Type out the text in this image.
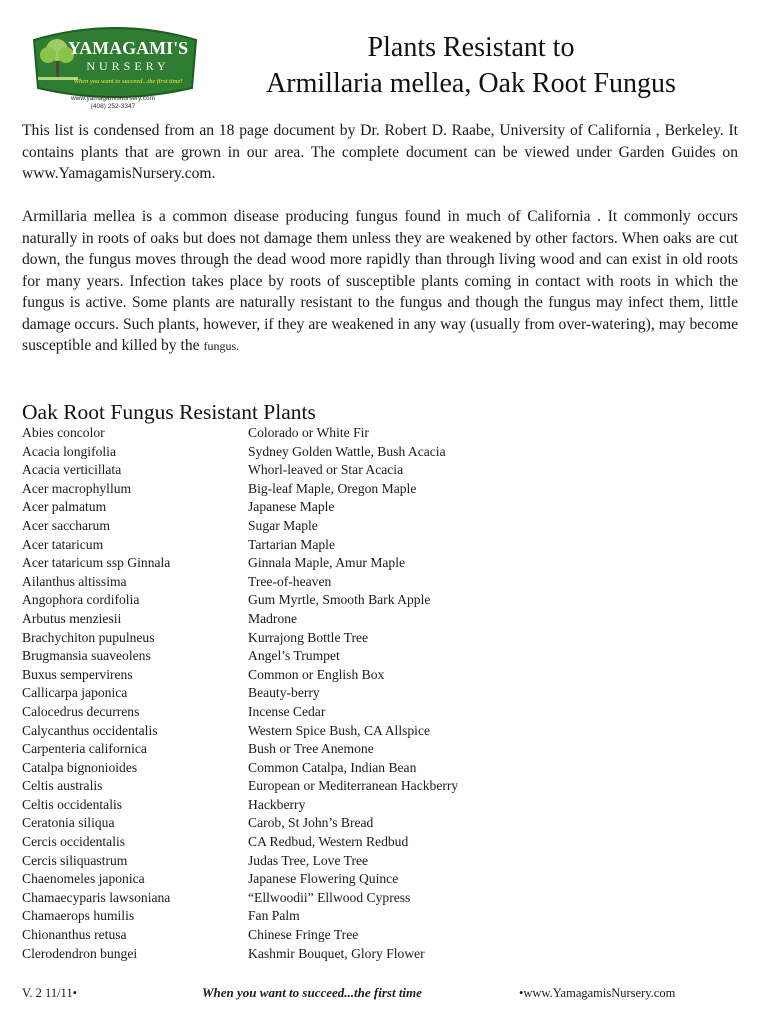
YAMAGAMI'S
NURSERY
When you want to succeed...the first time!
www.yamagamisnursery.com
(408) 252-3347
Plants Resistant to
Armillaria mellea, Oak Root Fungus
This list is condensed from an 18 page document by Dr. Robert D. Raabe, University of California , Berkeley. It contains plants that are grown in our area. The complete document can be viewed under Garden Guides on www.YamagamisNursery.com.
Armillaria mellea is a common disease producing fungus found in much of California . It commonly occurs naturally in roots of oaks but does not damage them unless they are weakened by other factors. When oaks are cut down, the fungus moves through the dead wood more rapidly than through living wood and can exist in old roots for many years. Infection takes place by roots of susceptible plants coming in contact with roots in which the fungus is active. Some plants are naturally resistant to the fungus and though the fungus may infect them, little damage occurs. Such plants, however, if they are weakened in any way (usually from over-watering), may become susceptible and killed by the fungus.
Oak Root Fungus Resistant Plants
Abies concolor	Colorado or White Fir
Acacia longifolia	Sydney Golden Wattle, Bush Acacia
Acacia verticillata	Whorl-leaved or Star Acacia
Acer macrophyllum	Big-leaf Maple, Oregon Maple
Acer palmatum	Japanese Maple
Acer saccharum	Sugar Maple
Acer tataricum	Tartarian Maple
Acer tataricum ssp Ginnala	Ginnala Maple, Amur Maple
Ailanthus altissima	Tree-of-heaven
Angophora cordifolia	Gum Myrtle, Smooth Bark Apple
Arbutus menziesii	Madrone
Brachychiton pupulneus	Kurrajong Bottle Tree
Brugmansia suaveolens	Angel’s Trumpet
Buxus sempervirens	Common or English Box
Callicarpa japonica	Beauty-berry
Calocedrus decurrens	Incense Cedar
Calycanthus occidentalis	Western Spice Bush, CA Allspice
Carpenteria californica	Bush or Tree Anemone
Catalpa bignonioides	Common Catalpa, Indian Bean
Celtis australis	European or Mediterranean Hackberry
Celtis occidentalis	Hackberry
Ceratonia siliqua	Carob, St John’s Bread
Cercis occidentalis	CA Redbud, Western Redbud
Cercis siliquastrum	Judas Tree, Love Tree
Chaenomeles japonica	Japanese Flowering Quince
Chamaecyparis lawsoniana	“Ellwoodii” Ellwood Cypress
Chamaerops humilis	Fan Palm
Chionanthus retusa	Chinese Fringe Tree
Clerodendron bungei	Kashmir Bouquet, Glory Flower
V. 2 11/11•	When you want to succeed...the first time	•www.YamagamisNursery.com
